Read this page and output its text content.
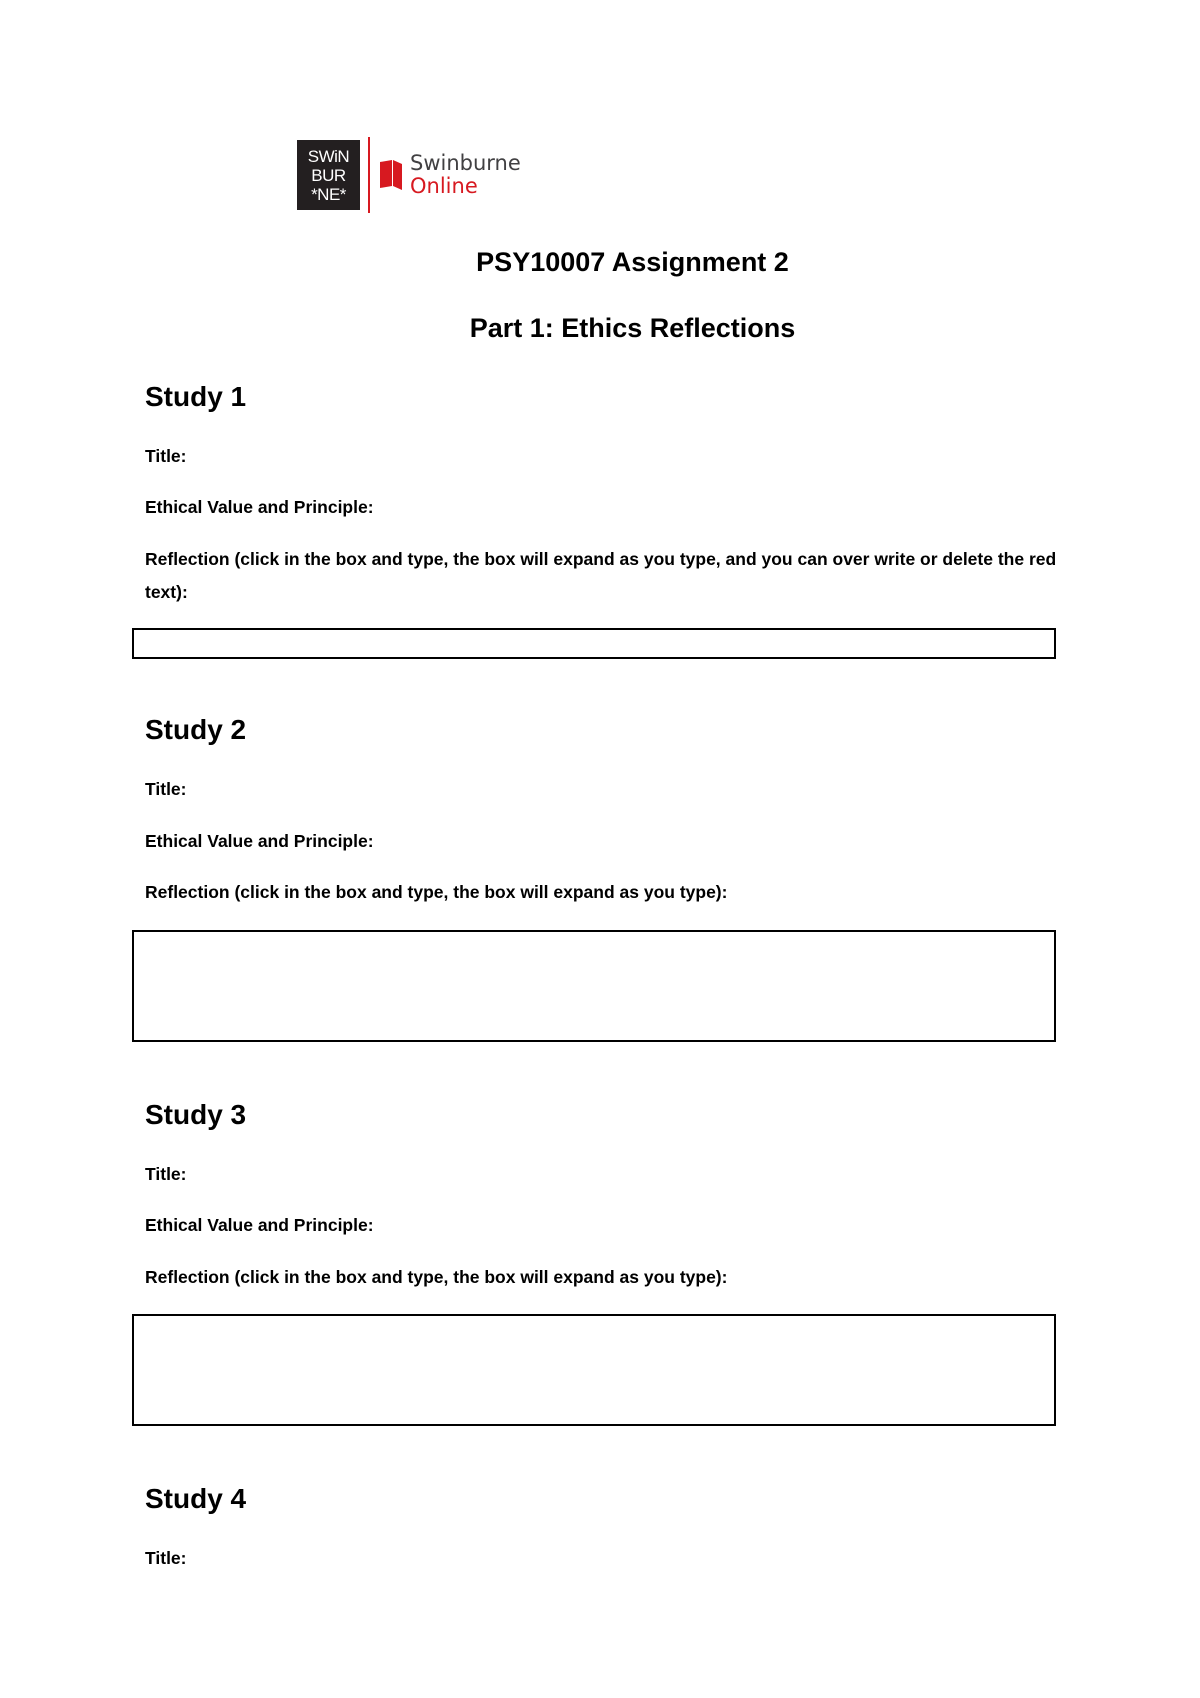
SWiN
BUR
*NE*
Swinburne
Online
PSY10007 Assignment 2
Part 1: Ethics Reflections
Study 1
Title:
Ethical Value and Principle:
Reflection (click in the box and type, the box will expand as you type, and you can over write or delete the red text):
Study 2
Title:
Ethical Value and Principle:
Reflection (click in the box and type, the box will expand as you type):
Study 3
Title:
Ethical Value and Principle:
Reflection (click in the box and type, the box will expand as you type):
Study 4
Title:
